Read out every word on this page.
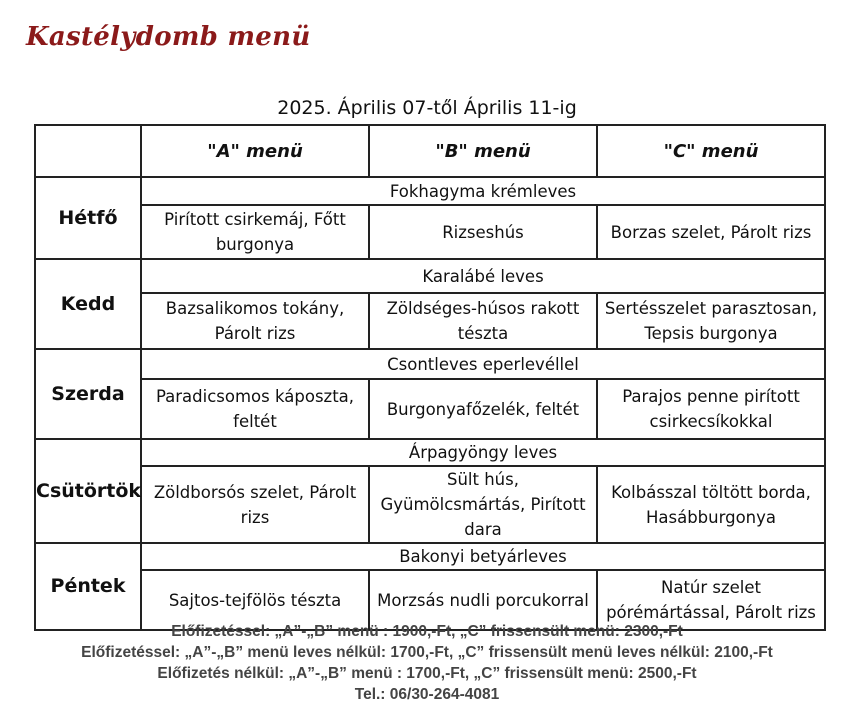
Kastélydomb menü
2025. Április 07-től Április 11-ig
	"A" menü	"B" menü	"C" menü
Hétfő	Fokhagyma krémleves		
	Pirított csirkemáj, Főtt burgonya	Rizseshús	Borzas szelet, Párolt rizs
Kedd	Karalábé leves		
	Bazsalikomos tokány, Párolt rizs	Zöldséges-húsos rakott tészta	Sertésszelet parasztosan, Tepsis burgonya
Szerda	Csontleves eperlevéllel		
	Paradicsomos káposzta, feltét	Burgonyafőzelék, feltét	Parajos penne pirított csirkecsíkokkal
Csütörtök	Árpagyöngy leves		
	Zöldborsós szelet, Párolt rizs	Sült hús, Gyümölcsmártás, Pirított dara	Kolbásszal töltött borda, Hasábburgonya
Péntek	Bakonyi betyárleves		
	Sajtos-tejfölös tészta	Morzsás nudli porcukorral	Natúr szelet pórémártással, Párolt rizs
Előfizetéssel: „A”-„B” menü : 1900,-Ft, „C” frissensült menü: 2300,-Ft
Előfizetéssel: „A”-„B” menü leves nélkül: 1700,-Ft, „C” frissensült menü leves nélkül: 2100,-Ft
Előfizetés nélkül: „A”-„B” menü : 1700,-Ft, „C” frissensült menü: 2500,-Ft
Tel.: 06/30-264-4081
